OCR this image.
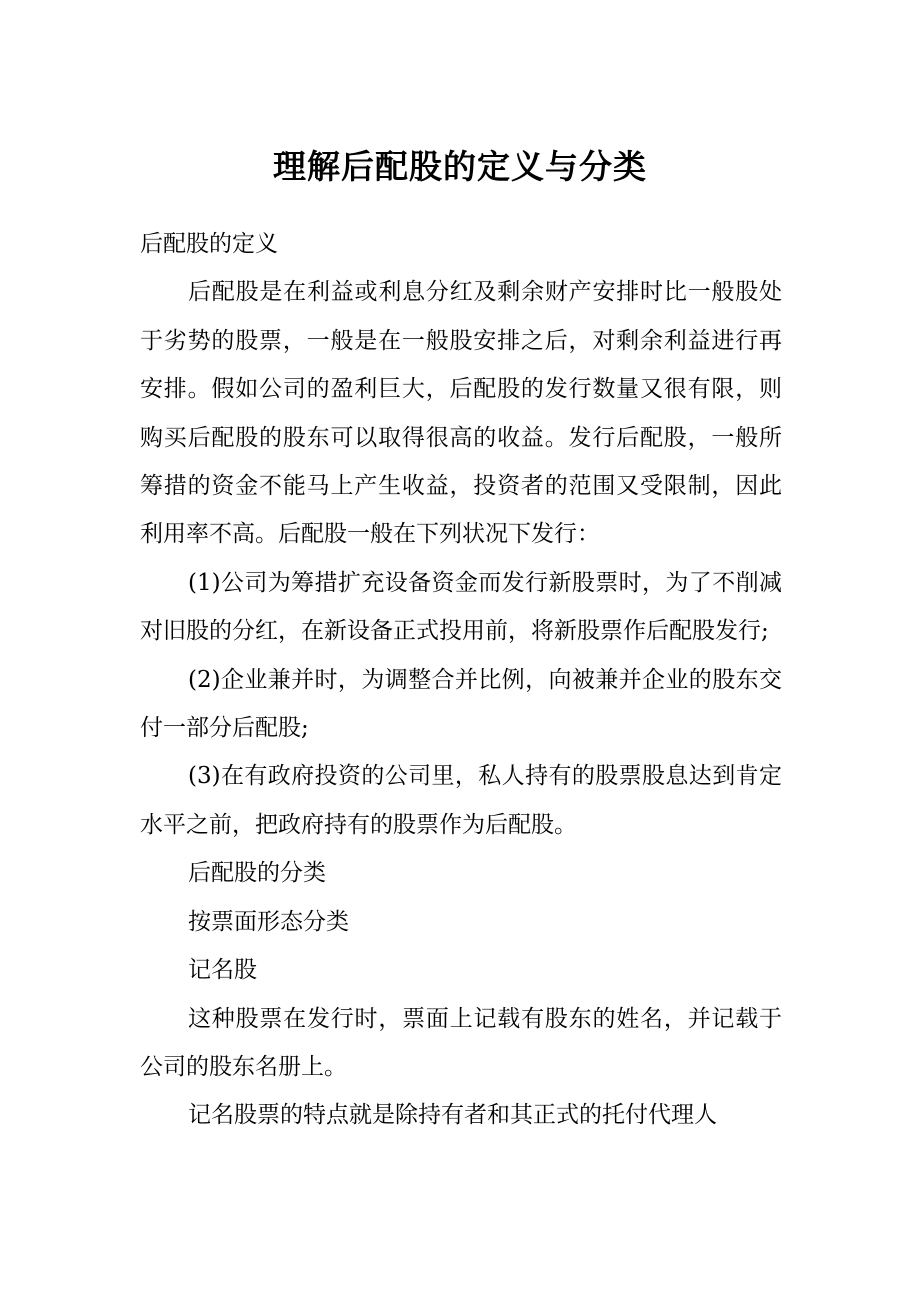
理解后配股的定义与分类

后配股的定义

后配股是在利益或利息分红及剩余财产安排时比一般股处于劣势的股票，一般是在一般股安排之后，对剩余利益进行再安排。假如公司的盈利巨大，后配股的发行数量又很有限，则购买后配股的股东可以取得很高的收益。发行后配股，一般所筹措的资金不能马上产生收益，投资者的范围又受限制，因此利用率不高。后配股一般在下列状况下发行：

(1)公司为筹措扩充设备资金而发行新股票时，为了不削减对旧股的分红，在新设备正式投用前，将新股票作后配股发行;

(2)企业兼并时，为调整合并比例，向被兼并企业的股东交付一部分后配股;

(3)在有政府投资的公司里，私人持有的股票股息达到肯定水平之前，把政府持有的股票作为后配股。

后配股的分类

按票面形态分类

记名股

这种股票在发行时，票面上记载有股东的姓名，并记载于公司的股东名册上。

记名股票的特点就是除持有者和其正式的托付代理人
